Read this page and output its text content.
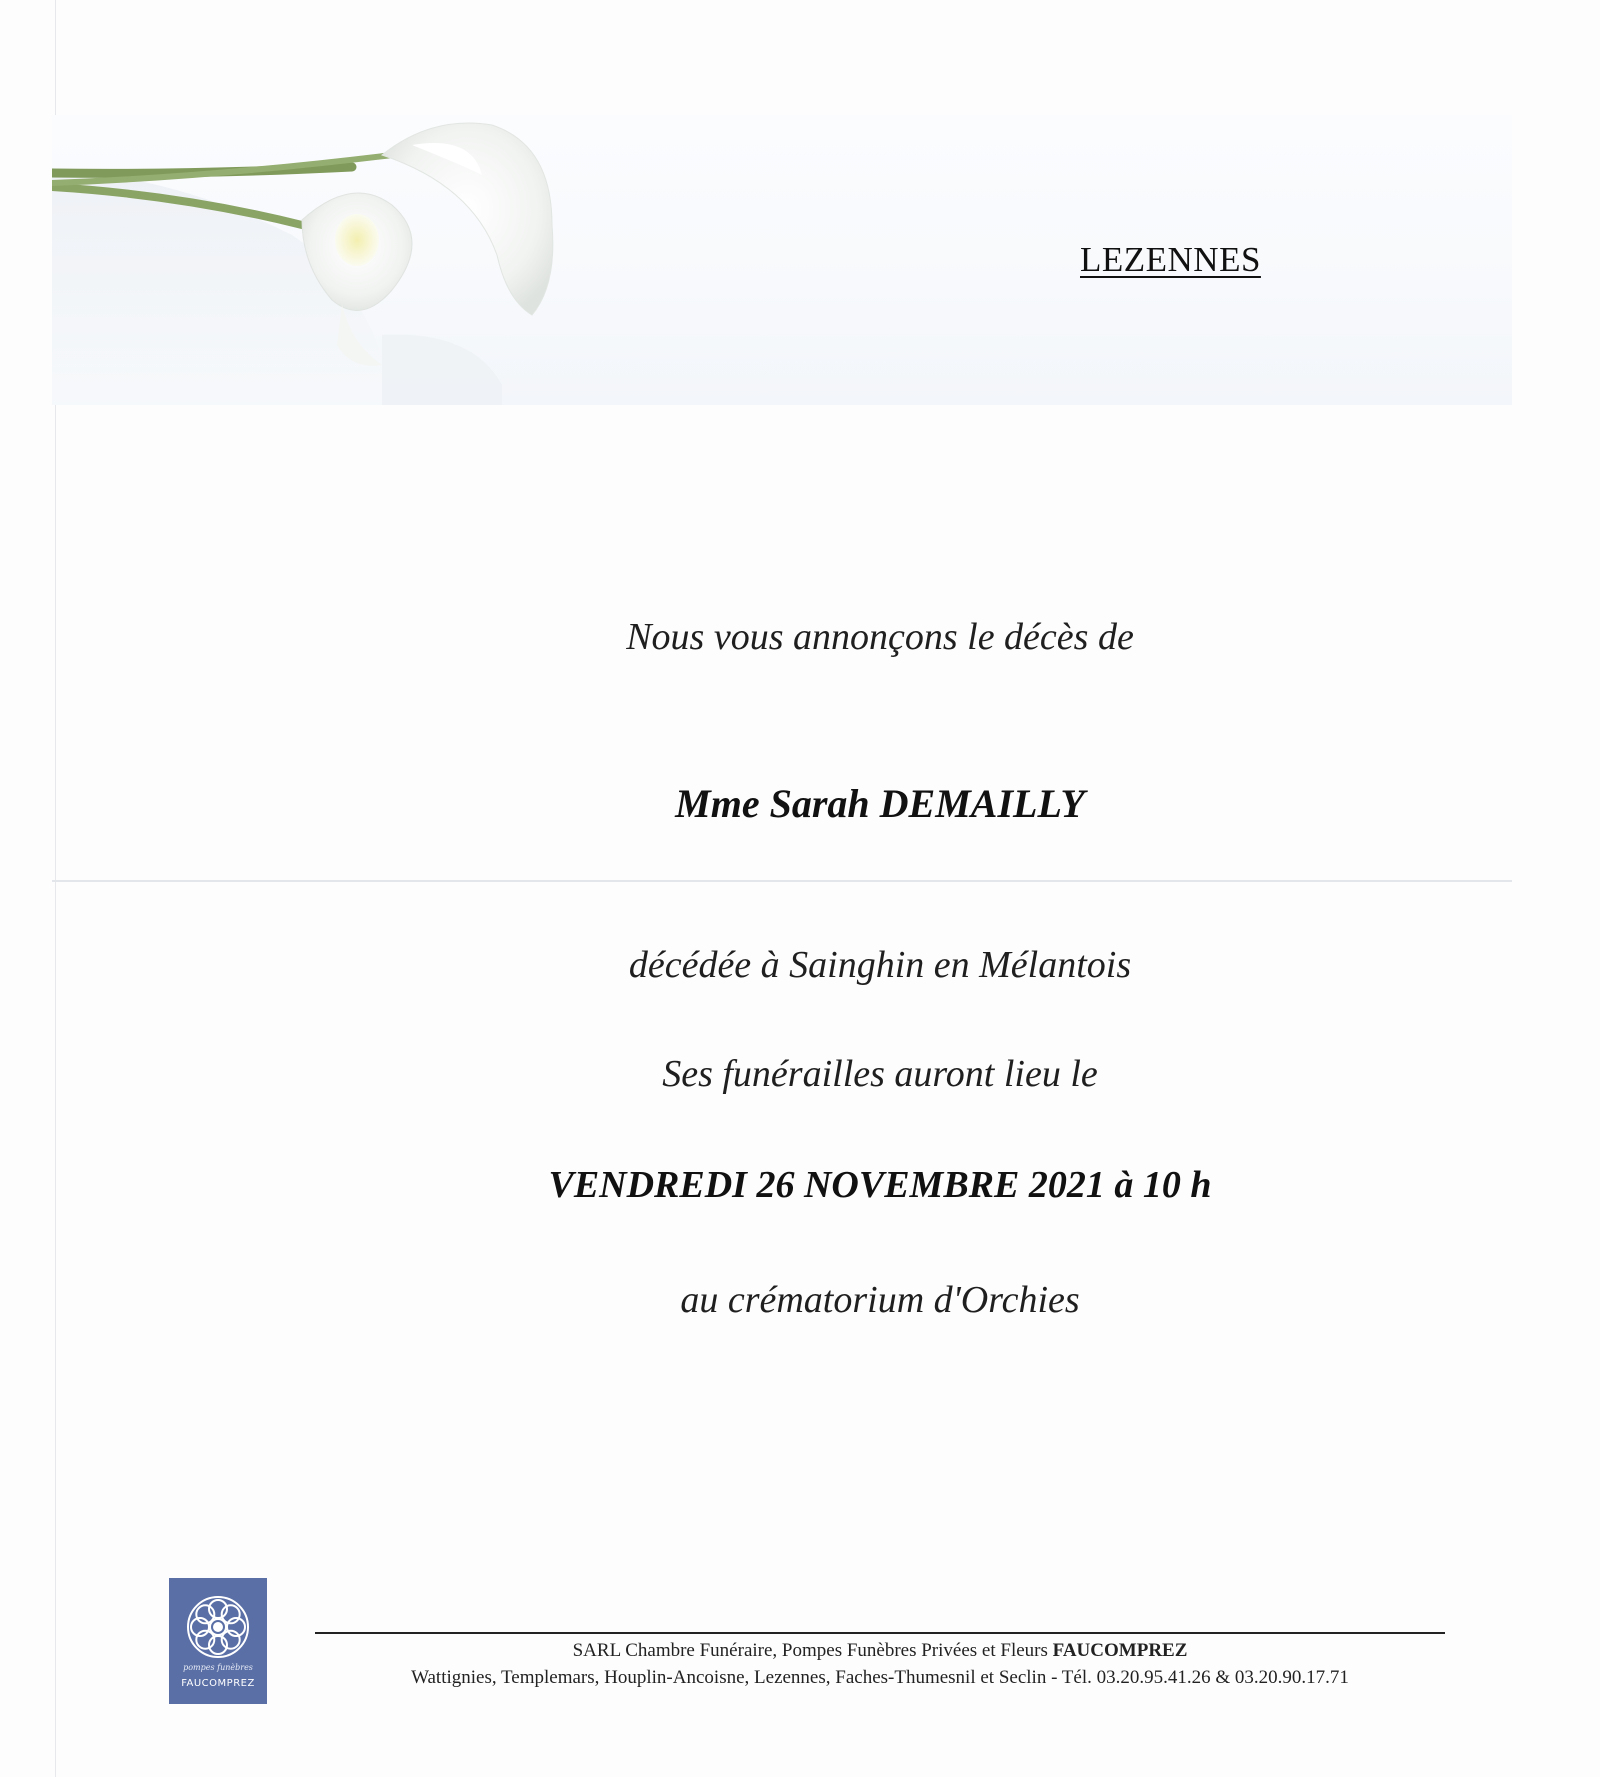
LEZENNES

Nous vous annonçons le décès de

Mme Sarah DEMAILLY

décédée à Sainghin en Mélantois

Ses funérailles auront lieu le

VENDREDI 26 NOVEMBRE 2021 à 10 h

au crématorium d'Orchies

pompes funèbres
FAUCOMPREZ
SARL Chambre Funéraire, Pompes Funèbres Privées et Fleurs FAUCOMPREZ
Wattignies, Templemars, Houplin-Ancoisne, Lezennes, Faches-Thumesnil et Seclin - Tél. 03.20.95.41.26 & 03.20.90.17.71
